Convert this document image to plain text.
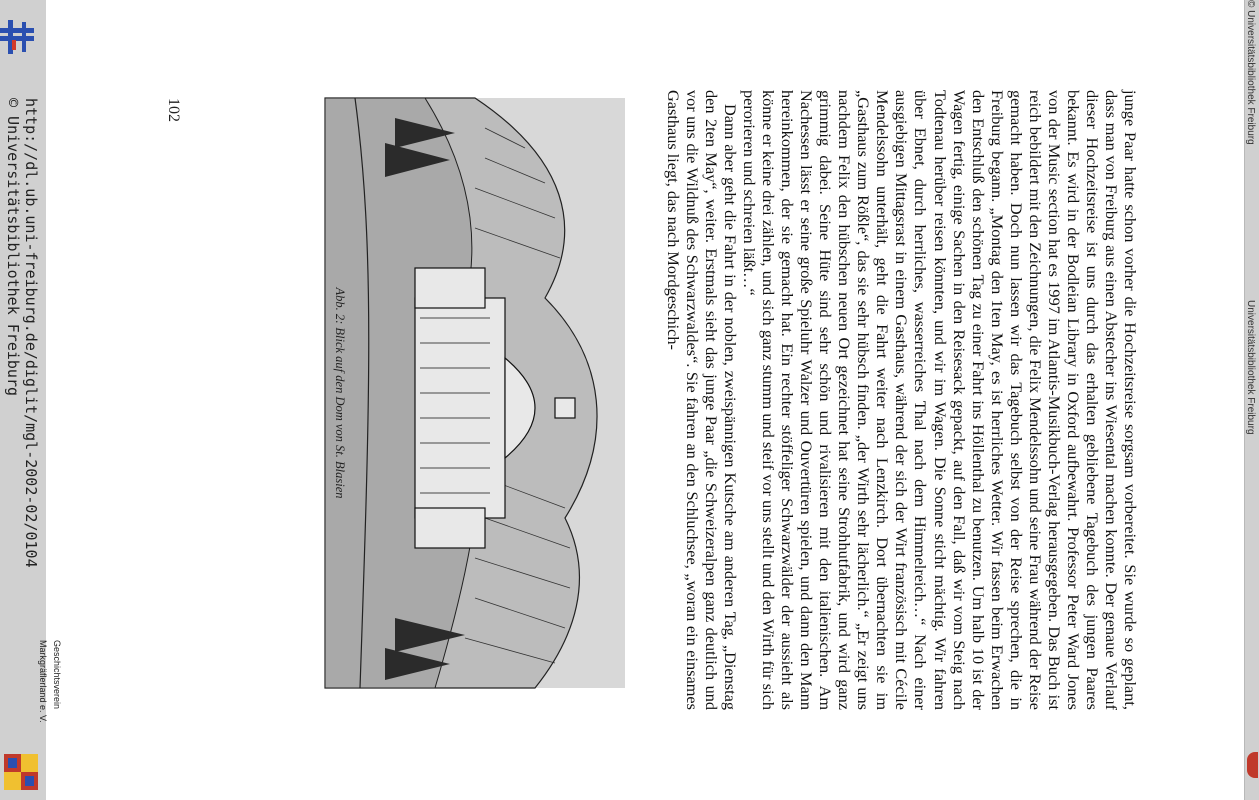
© Universitätsbibliothek Freiburg
Universitätsbibliothek Freiburg

junge Paar hatte schon vorher die Hochzeitsreise sorgsam vorbereitet. Sie wurde so geplant, dass man von Freiburg aus einen Abstecher ins Wiesental machen konnte. Der genaue Verlauf dieser Hochzeitsreise ist uns durch das erhalten gebliebene Tagebuch des jungen Paares bekannt. Es wird in der Bodleian Library in Oxford aufbewahrt. Professor Peter Ward Jones von der Music section hat es 1997 im Atlantis-Musikbuch-Verlag herausgegeben. Das Buch ist reich bebildert mit den Zeichnungen, die Felix Mendelssohn und seine Frau während der Reise gemacht haben. Doch nun lassen wir das Tagebuch selbst von der Reise sprechen, die in Freiburg begann. „Montag den 1ten May, es ist herrliches Wetter. Wir fassen beim Erwachen den Entschluß den schönen Tag zu einer Fahrt ins Höllenthal zu benutzen. Um halb 10 ist der Wagen fertig, einige Sachen in den Reisesack gepackt, auf den Fall, daß wir vom Steig nach Todtenau herüber reisen könnten, und wir im Wagen. Die Sonne sticht mächtig. Wir fahren über Ebnet, durch herrliches, wasserreiches Thal nach dem Himmelreich…“ Nach einer ausgiebigen Mittagsrast in einem Gasthaus, während der sich der Wirt französisch mit Cécile Mendelssohn unterhält, geht die Fahrt weiter nach Lenzkirch. Dort übernachten sie im „Gasthaus zum Rößle“, das sie sehr hübsch finden. „der Wirth sehr lächerlich.“ „Er zeigt uns nachdem Felix den hübschen neuen Ort gezeichnet hat seine Strohhutfabrik, und wird ganz grimmig dabei. Seine Hüte sind sehr schön und rivalisieren mit den italienischen. Am Nachessen lässt er seine große Spieluhr Walzer und Ouvertüren spielen, und dann den Mann hereinkommen, der sie gemacht hat. Ein rechter stöffeliger Schwarzwälder der aussieht als könne er keine drei zählen, und sich ganz stumm und steif vor uns stellt und den Wirth für sich perorieren und schreien läßt…“

Dann aber geht die Fahrt in der noblen, zweispännigen Kutsche am anderen Tag, „Dienstag den 2ten May“, weiter. Erstmals sieht das junge Paar „die Schweizeralpen ganz deutlich und vor uns die Wildnuß des Schwarzwaldes“. Sie fahren an den Schluchsee, „woran ein einsames Gasthaus liegt, das nach Mordgeschich-

Abb. 2: Blick auf den Dom von St. Blasien
102
http://dl.ub.uni-freiburg.de/diglit/mgl-2002-02/0104
© Universitätsbibliothek Freiburg
Geschichtsverein
Markgräflerland e. V.
